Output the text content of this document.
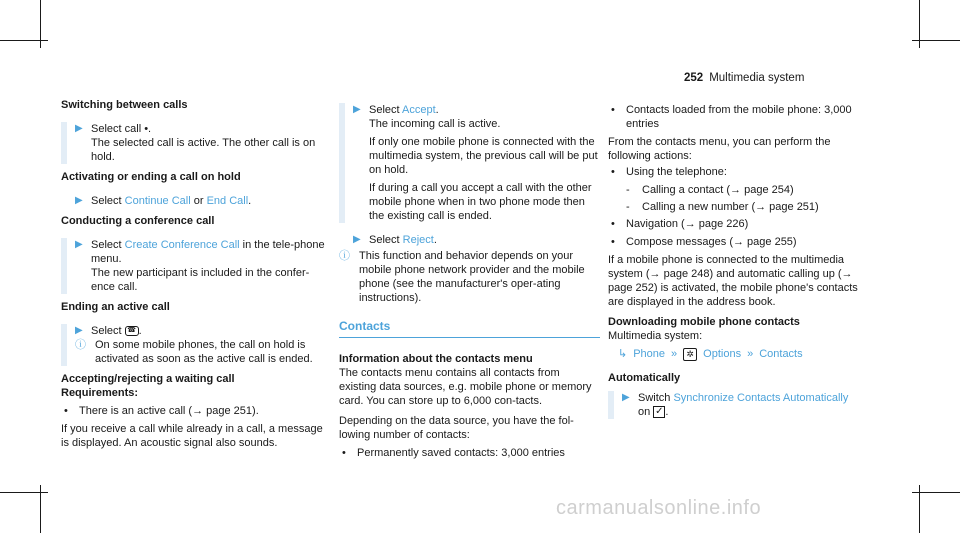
252 Multimedia system
Switching between calls
▶ Select call •.

The selected call is active. The other call is on hold.

Activating or ending a call on hold
▶ Select Continue Call or End Call.
Conducting a conference call
▶ Select Create Conference Call in the tele-phone menu.

The new participant is included in the confer-ence call.

Ending an active call
▶ Select ☎ .

ⓘ On some mobile phones, the call on hold is activated as soon as the active call is ended.

Accepting/rejecting a waiting call
Requirements:
•	There is an active call (→ page 251).

If you receive a call while already in a call, a message is displayed. An acoustic signal also sounds.

▶ Select Accept.

The incoming call is active.

If only one mobile phone is connected with the multimedia system, the previous call will be put on hold.

If during a call you accept a call with the other mobile phone when in two phone mode then the existing call is ended.

▶ Select Reject.
ⓘ This function and behavior depends on your mobile phone network provider and the mobile phone (see the manufacturer's oper-ating instructions).

Contacts
Information about the contacts menu

The contacts menu contains all contacts from existing data sources, e.g. mobile phone or memory card. You can store up to 6,000 con-tacts.

Depending on the data source, you have the fol-lowing number of contacts:

•	Permanently saved contacts: 3,000 entries
•	Contacts loaded from the mobile phone: 3,000 entries

From the contacts menu, you can perform the following actions:

•	Using the telephone:
-	Calling a contact (→ page 254)
-	Calling a new number (→ page 251)
•	Navigation (→ page 226)
•	Compose messages (→ page 255)

If a mobile phone is connected to the multimedia system (→ page 248) and automatic calling up (→ page 252) is activated, the mobile phone's contacts are displayed in the address book.

Downloading mobile phone contacts

Multimedia system:

↳ Phone »	✲ Options » Contacts
Automatically
▶ Switch Synchronize Contacts Automatically

on ✓ .

carmanualsonline.info
